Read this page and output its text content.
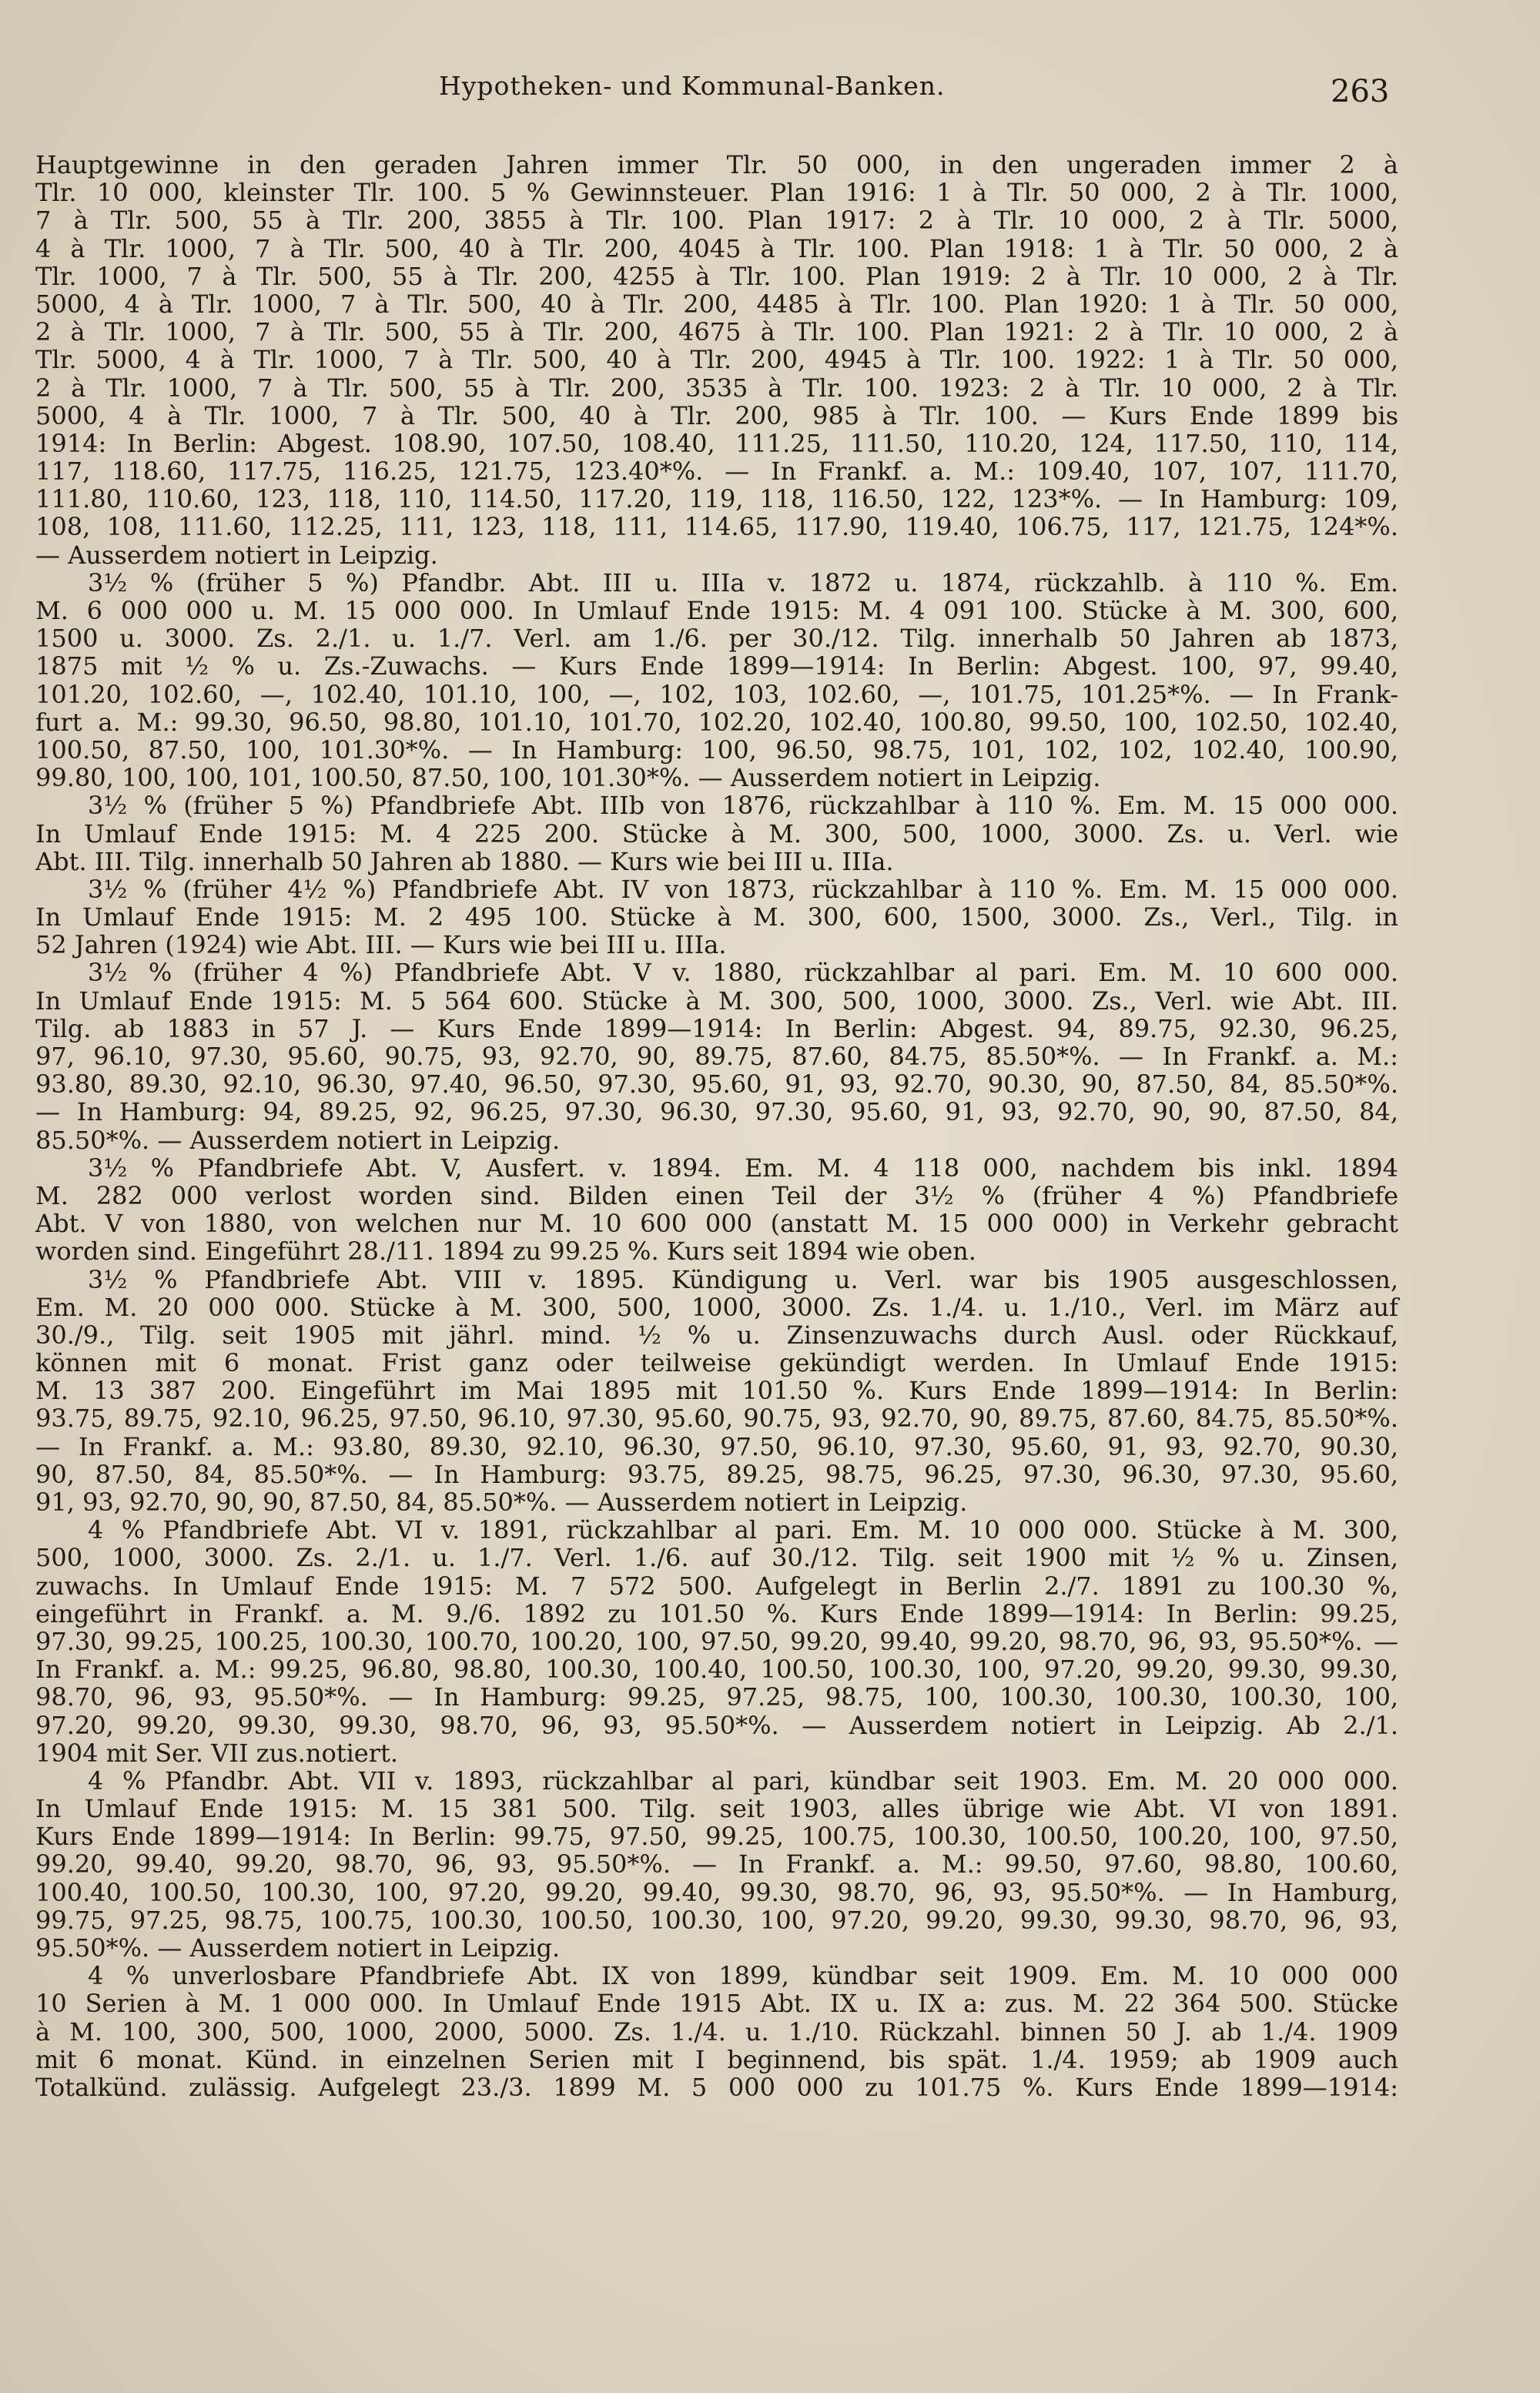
Hypotheken- und Kommunal-Banken.	263
Hauptgewinne in den geraden Jahren immer Tlr. 50 000, in den ungeraden immer 2 à
Tlr. 10 000, kleinster Tlr. 100. 5 % Gewinnsteuer. Plan 1916: 1 à Tlr. 50 000, 2 à Tlr. 1000,
7 à Tlr. 500, 55 à Tlr. 200, 3855 à Tlr. 100. Plan 1917: 2 à Tlr. 10 000, 2 à Tlr. 5000,
4 à Tlr. 1000, 7 à Tlr. 500, 40 à Tlr. 200, 4045 à Tlr. 100. Plan 1918: 1 à Tlr. 50 000, 2 à
Tlr. 1000, 7 à Tlr. 500, 55 à Tlr. 200, 4255 à Tlr. 100. Plan 1919: 2 à Tlr. 10 000, 2 à Tlr.
5000, 4 à Tlr. 1000, 7 à Tlr. 500, 40 à Tlr. 200, 4485 à Tlr. 100. Plan 1920: 1 à Tlr. 50 000,
2 à Tlr. 1000, 7 à Tlr. 500, 55 à Tlr. 200, 4675 à Tlr. 100. Plan 1921: 2 à Tlr. 10 000, 2 à
Tlr. 5000, 4 à Tlr. 1000, 7 à Tlr. 500, 40 à Tlr. 200, 4945 à Tlr. 100. 1922: 1 à Tlr. 50 000,
2 à Tlr. 1000, 7 à Tlr. 500, 55 à Tlr. 200, 3535 à Tlr. 100. 1923: 2 à Tlr. 10 000, 2 à Tlr.
5000, 4 à Tlr. 1000, 7 à Tlr. 500, 40 à Tlr. 200, 985 à Tlr. 100. — Kurs Ende 1899 bis
1914: In Berlin: Abgest. 108.90, 107.50, 108.40, 111.25, 111.50, 110.20, 124, 117.50, 110, 114,
117, 118.60, 117.75, 116.25, 121.75, 123.40*%. — In Frankf. a. M.: 109.40, 107, 107, 111.70,
111.80, 110.60, 123, 118, 110, 114.50, 117.20, 119, 118, 116.50, 122, 123*%. — In Hamburg: 109,
108, 108, 111.60, 112.25, 111, 123, 118, 111, 114.65, 117.90, 119.40, 106.75, 117, 121.75, 124*%.
— Ausserdem notiert in Leipzig.
3½ % (früher 5 %) Pfandbr. Abt. III u. IIIa v. 1872 u. 1874, rückzahlb. à 110 %. Em.
M. 6 000 000 u. M. 15 000 000. In Umlauf Ende 1915: M. 4 091 100. Stücke à M. 300, 600,
1500 u. 3000. Zs. 2./1. u. 1./7. Verl. am 1./6. per 30./12. Tilg. innerhalb 50 Jahren ab 1873,
1875 mit ½ % u. Zs.-Zuwachs. — Kurs Ende 1899—1914: In Berlin: Abgest. 100, 97, 99.40,
101.20, 102.60, —, 102.40, 101.10, 100, —, 102, 103, 102.60, —, 101.75, 101.25*%. — In Frank-
furt a. M.: 99.30, 96.50, 98.80, 101.10, 101.70, 102.20, 102.40, 100.80, 99.50, 100, 102.50, 102.40,
100.50, 87.50, 100, 101.30*%. — In Hamburg: 100, 96.50, 98.75, 101, 102, 102, 102.40, 100.90,
99.80, 100, 100, 101, 100.50, 87.50, 100, 101.30*%. — Ausserdem notiert in Leipzig.
3½ % (früher 5 %) Pfandbriefe Abt. IIIb von 1876, rückzahlbar à 110 %. Em. M. 15 000 000.
In Umlauf Ende 1915: M. 4 225 200. Stücke à M. 300, 500, 1000, 3000. Zs. u. Verl. wie
Abt. III. Tilg. innerhalb 50 Jahren ab 1880. — Kurs wie bei III u. IIIa.
3½ % (früher 4½ %) Pfandbriefe Abt. IV von 1873, rückzahlbar à 110 %. Em. M. 15 000 000.
In Umlauf Ende 1915: M. 2 495 100. Stücke à M. 300, 600, 1500, 3000. Zs., Verl., Tilg. in
52 Jahren (1924) wie Abt. III. — Kurs wie bei III u. IIIa.
3½ % (früher 4 %) Pfandbriefe Abt. V v. 1880, rückzahlbar al pari. Em. M. 10 600 000.
In Umlauf Ende 1915: M. 5 564 600. Stücke à M. 300, 500, 1000, 3000. Zs., Verl. wie Abt. III.
Tilg. ab 1883 in 57 J. — Kurs Ende 1899—1914: In Berlin: Abgest. 94, 89.75, 92.30, 96.25,
97, 96.10, 97.30, 95.60, 90.75, 93, 92.70, 90, 89.75, 87.60, 84.75, 85.50*%. — In Frankf. a. M.:
93.80, 89.30, 92.10, 96.30, 97.40, 96.50, 97.30, 95.60, 91, 93, 92.70, 90.30, 90, 87.50, 84, 85.50*%.
— In Hamburg: 94, 89.25, 92, 96.25, 97.30, 96.30, 97.30, 95.60, 91, 93, 92.70, 90, 90, 87.50, 84,
85.50*%. — Ausserdem notiert in Leipzig.
3½ % Pfandbriefe Abt. V, Ausfert. v. 1894. Em. M. 4 118 000, nachdem bis inkl. 1894
M. 282 000 verlost worden sind. Bilden einen Teil der 3½ % (früher 4 %) Pfandbriefe
Abt. V von 1880, von welchen nur M. 10 600 000 (anstatt M. 15 000 000) in Verkehr gebracht
worden sind. Eingeführt 28./11. 1894 zu 99.25 %. Kurs seit 1894 wie oben.
3½ % Pfandbriefe Abt. VIII v. 1895. Kündigung u. Verl. war bis 1905 ausgeschlossen,
Em. M. 20 000 000. Stücke à M. 300, 500, 1000, 3000. Zs. 1./4. u. 1./10., Verl. im März auf
30./9., Tilg. seit 1905 mit jährl. mind. ½ % u. Zinsenzuwachs durch Ausl. oder Rückkauf,
können mit 6 monat. Frist ganz oder teilweise gekündigt werden. In Umlauf Ende 1915:
M. 13 387 200. Eingeführt im Mai 1895 mit 101.50 %. Kurs Ende 1899—1914: In Berlin:
93.75, 89.75, 92.10, 96.25, 97.50, 96.10, 97.30, 95.60, 90.75, 93, 92.70, 90, 89.75, 87.60, 84.75, 85.50*%.
— In Frankf. a. M.: 93.80, 89.30, 92.10, 96.30, 97.50, 96.10, 97.30, 95.60, 91, 93, 92.70, 90.30,
90, 87.50, 84, 85.50*%. — In Hamburg: 93.75, 89.25, 98.75, 96.25, 97.30, 96.30, 97.30, 95.60,
91, 93, 92.70, 90, 90, 87.50, 84, 85.50*%. — Ausserdem notiert in Leipzig.
4 % Pfandbriefe Abt. VI v. 1891, rückzahlbar al pari. Em. M. 10 000 000. Stücke à M. 300,
500, 1000, 3000. Zs. 2./1. u. 1./7. Verl. 1./6. auf 30./12. Tilg. seit 1900 mit ½ % u. Zinsen,
zuwachs. In Umlauf Ende 1915: M. 7 572 500. Aufgelegt in Berlin 2./7. 1891 zu 100.30 %,
eingeführt in Frankf. a. M. 9./6. 1892 zu 101.50 %. Kurs Ende 1899—1914: In Berlin: 99.25,
97.30, 99.25, 100.25, 100.30, 100.70, 100.20, 100, 97.50, 99.20, 99.40, 99.20, 98.70, 96, 93, 95.50*%. —
In Frankf. a. M.: 99.25, 96.80, 98.80, 100.30, 100.40, 100.50, 100.30, 100, 97.20, 99.20, 99.30, 99.30,
98.70, 96, 93, 95.50*%. — In Hamburg: 99.25, 97.25, 98.75, 100, 100.30, 100.30, 100.30, 100,
97.20, 99.20, 99.30, 99.30, 98.70, 96, 93, 95.50*%. — Ausserdem notiert in Leipzig. Ab 2./1.
1904 mit Ser. VII zus.notiert.
4 % Pfandbr. Abt. VII v. 1893, rückzahlbar al pari, kündbar seit 1903. Em. M. 20 000 000.
In Umlauf Ende 1915: M. 15 381 500. Tilg. seit 1903, alles übrige wie Abt. VI von 1891.
Kurs Ende 1899—1914: In Berlin: 99.75, 97.50, 99.25, 100.75, 100.30, 100.50, 100.20, 100, 97.50,
99.20, 99.40, 99.20, 98.70, 96, 93, 95.50*%. — In Frankf. a. M.: 99.50, 97.60, 98.80, 100.60,
100.40, 100.50, 100.30, 100, 97.20, 99.20, 99.40, 99.30, 98.70, 96, 93, 95.50*%. — In Hamburg,
99.75, 97.25, 98.75, 100.75, 100.30, 100.50, 100.30, 100, 97.20, 99.20, 99.30, 99.30, 98.70, 96, 93,
95.50*%. — Ausserdem notiert in Leipzig.
4 % unverlosbare Pfandbriefe Abt. IX von 1899, kündbar seit 1909. Em. M. 10 000 000
10 Serien à M. 1 000 000. In Umlauf Ende 1915 Abt. IX u. IX a: zus. M. 22 364 500. Stücke
à M. 100, 300, 500, 1000, 2000, 5000. Zs. 1./4. u. 1./10. Rückzahl. binnen 50 J. ab 1./4. 1909
mit 6 monat. Künd. in einzelnen Serien mit I beginnend, bis spät. 1./4. 1959; ab 1909 auch
Totalkünd. zulässig. Aufgelegt 23./3. 1899 M. 5 000 000 zu 101.75 %. Kurs Ende 1899—1914:
